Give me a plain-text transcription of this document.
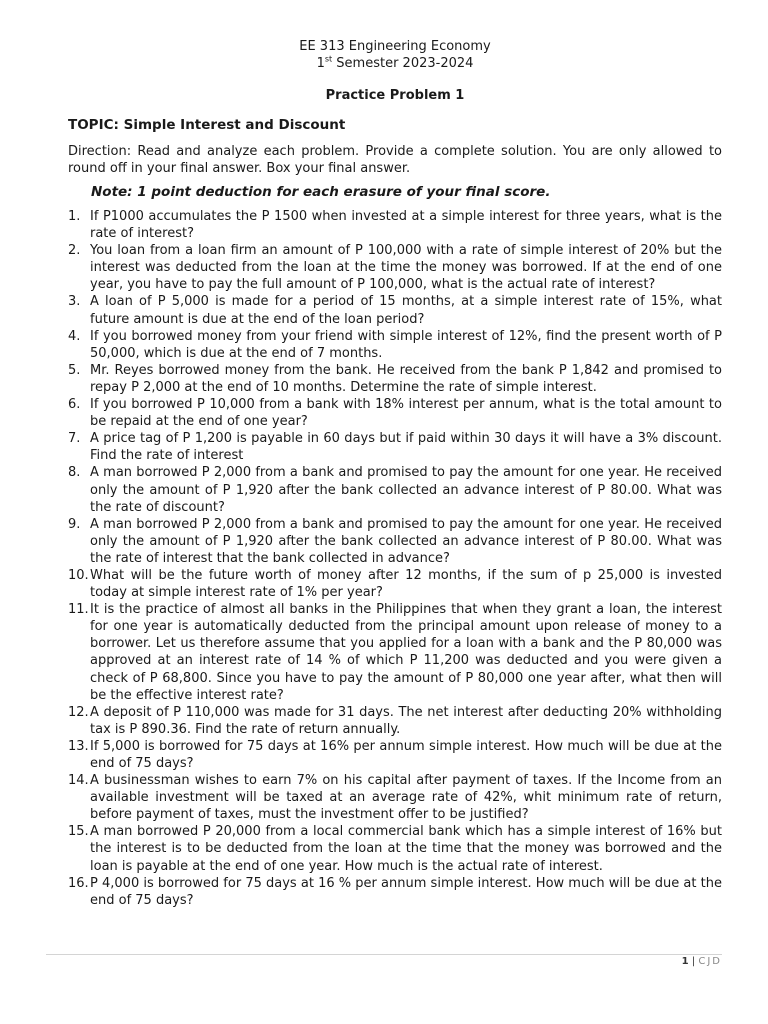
EE 313 Engineering Economy
1st Semester 2023-2024
Practice Problem 1
TOPIC: Simple Interest and Discount
Direction: Read and analyze each problem. Provide a complete solution. You are only allowed to round off in your final answer. Box your final answer.
Note: 1 point deduction for each erasure of your final score.
1. If P1000 accumulates the P 1500 when invested at a simple interest for three years, what is the rate of interest?
2. You loan from a loan firm an amount of P 100,000 with a rate of simple interest of 20% but the interest was deducted from the loan at the time the money was borrowed. If at the end of one year, you have to pay the full amount of P 100,000, what is the actual rate of interest?
3. A loan of P 5,000 is made for a period of 15 months, at a simple interest rate of 15%, what future amount is due at the end of the loan period?
4. If you borrowed money from your friend with simple interest of 12%, find the present worth of P 50,000, which is due at the end of 7 months.
5. Mr. Reyes borrowed money from the bank. He received from the bank P 1,842 and promised to repay P 2,000 at the end of 10 months. Determine the rate of simple interest.
6. If you borrowed P 10,000 from a bank with 18% interest per annum, what is the total amount to be repaid at the end of one year?
7. A price tag of P 1,200 is payable in 60 days but if paid within 30 days it will have a 3% discount. Find the rate of interest
8. A man borrowed P 2,000 from a bank and promised to pay the amount for one year. He received only the amount of P 1,920 after the bank collected an advance interest of P 80.00. What was the rate of discount?
9. A man borrowed P 2,000 from a bank and promised to pay the amount for one year. He received only the amount of P 1,920 after the bank collected an advance interest of P 80.00. What was the rate of interest that the bank collected in advance?
10. What will be the future worth of money after 12 months, if the sum of p 25,000 is invested today at simple interest rate of 1% per year?
11. It is the practice of almost all banks in the Philippines that when they grant a loan, the interest for one year is automatically deducted from the principal amount upon release of money to a borrower. Let us therefore assume that you applied for a loan with a bank and the P 80,000 was approved at an interest rate of 14 % of which P 11,200 was deducted and you were given a check of P 68,800. Since you have to pay the amount of P 80,000 one year after, what then will be the effective interest rate?
12. A deposit of P 110,000 was made for 31 days. The net interest after deducting 20% withholding tax is P 890.36. Find the rate of return annually.
13. If 5,000 is borrowed for 75 days at 16% per annum simple interest. How much will be due at the end of 75 days?
14. A businessman wishes to earn 7% on his capital after payment of taxes. If the Income from an available investment will be taxed at an average rate of 42%, whit minimum rate of return, before payment of taxes, must the investment offer to be justified?
15. A man borrowed P 20,000 from a local commercial bank which has a simple interest of 16% but the interest is to be deducted from the loan at the time that the money was borrowed and the loan is payable at the end of one year. How much is the actual rate of interest.
16. P 4,000 is borrowed for 75 days at 16 % per annum simple interest. How much will be due at the end of 75 days?
1 | CJD
